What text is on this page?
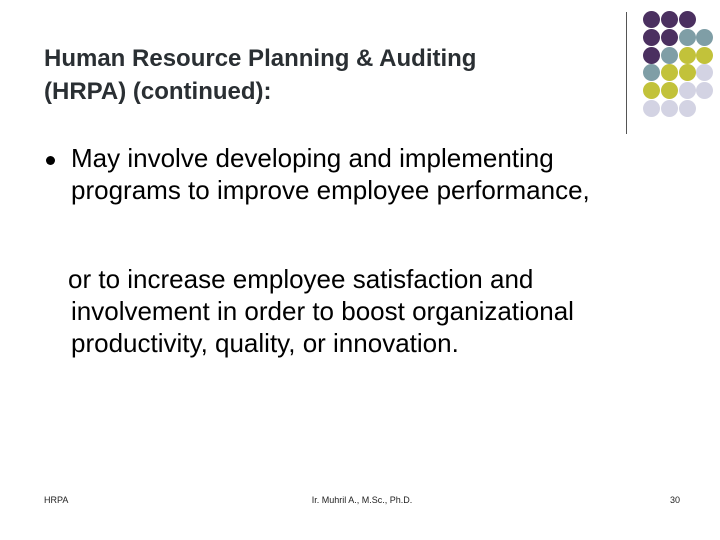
Human Resource Planning & Auditing
(HRPA) (continued):
May involve developing and implementing
programs to improve employee performance,
or to increase employee satisfaction and
involvement in order to boost organizational
productivity, quality, or innovation.
HRPA	Ir. Muhril A., M.Sc., Ph.D.	30
